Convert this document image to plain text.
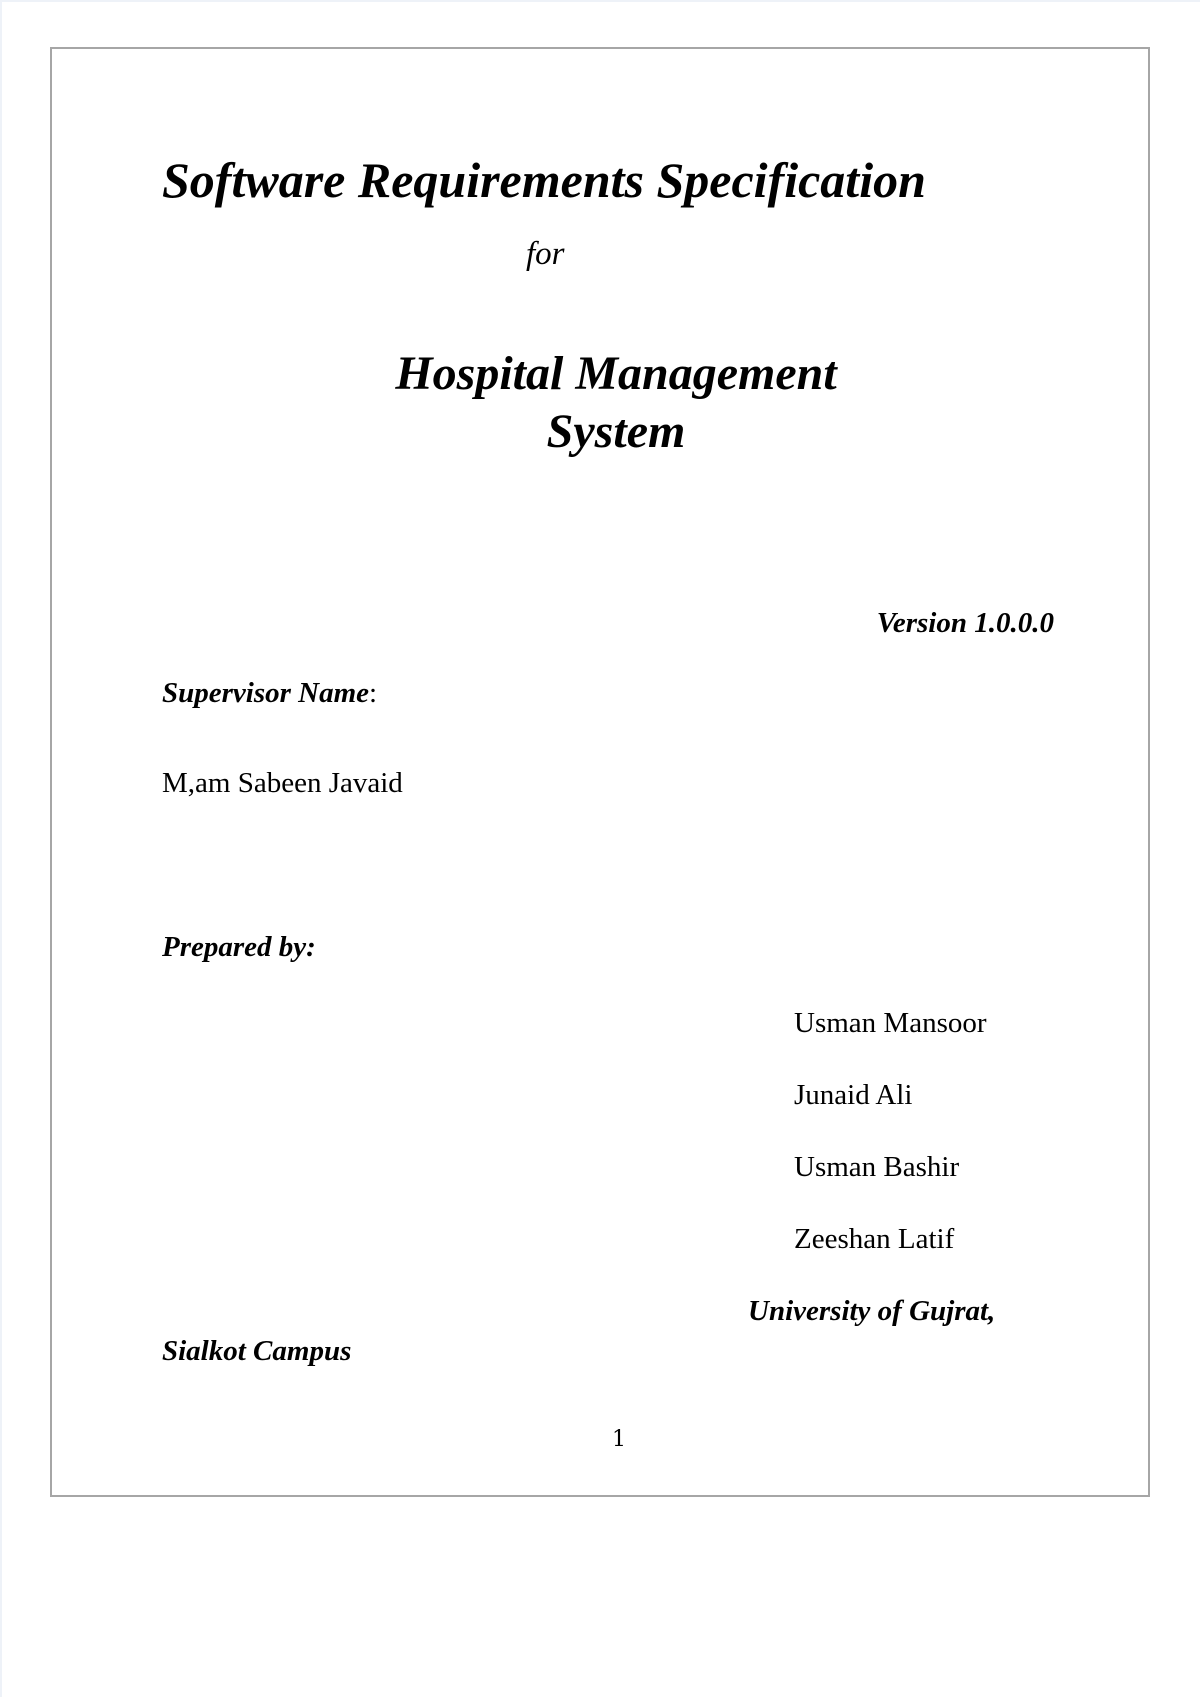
Software Requirements Specification

for

Hospital Management

System

Version 1.0.0.0

Supervisor Name:

M,am Sabeen Javaid

Prepared by:

Usman Mansoor

Junaid Ali

Usman Bashir

Zeeshan Latif

University of Gujrat,

Sialkot Campus

1
